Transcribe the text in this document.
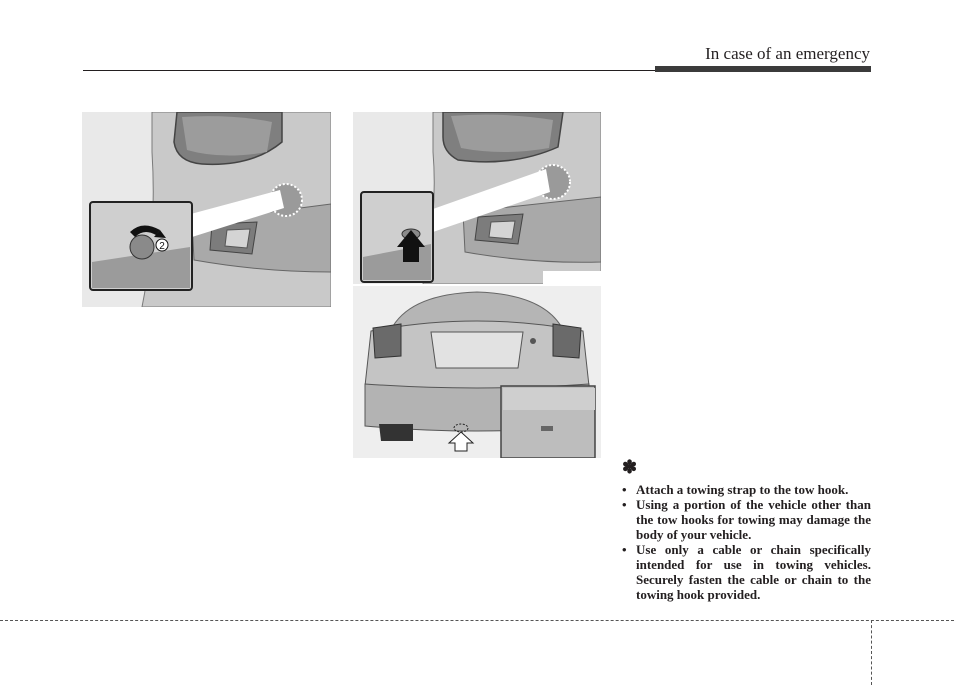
In case of an emergency
2
✽
• Attach a towing strap to the tow hook.
• Using a portion of the vehicle other than the tow hooks for towing may damage the body of your vehicle.
• Use only a cable or chain specifically intended for use in towing vehicles. Securely fasten the cable or chain to the towing hook provided.
